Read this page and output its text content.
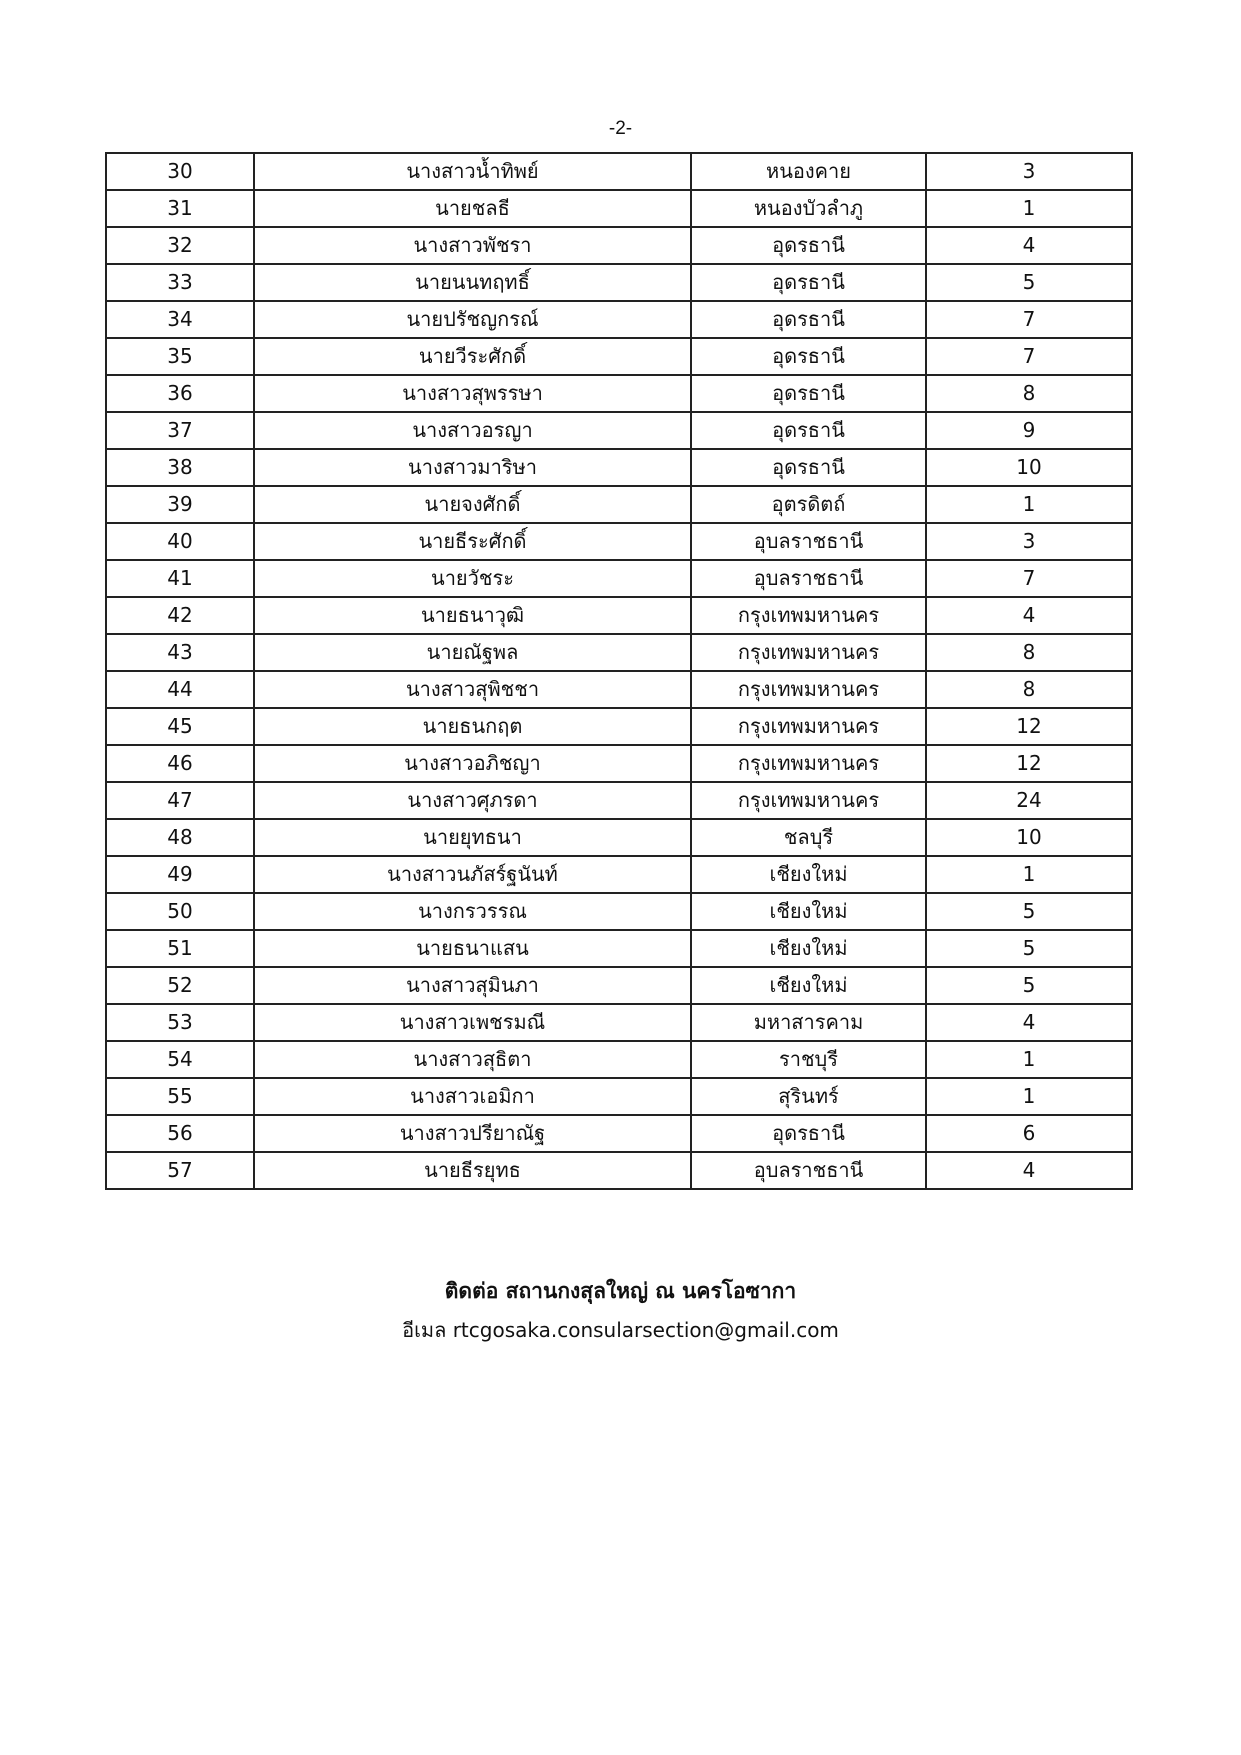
-2-
30	นางสาวน้ำทิพย์	หนองคาย	3
31	นายชลธี	หนองบัวลำภู	1
32	นางสาวพัชรา	อุดรธานี	4
33	นายนนทฤทธิ์	อุดรธานี	5
34	นายปรัชญกรณ์	อุดรธานี	7
35	นายวีระศักดิ์	อุดรธานี	7
36	นางสาวสุพรรษา	อุดรธานี	8
37	นางสาวอรญา	อุดรธานี	9
38	นางสาวมาริษา	อุดรธานี	10
39	นายจงศักดิ์	อุตรดิตถ์	1
40	นายธีระศักดิ์	อุบลราชธานี	3
41	นายวัชระ	อุบลราชธานี	7
42	นายธนาวุฒิ	กรุงเทพมหานคร	4
43	นายณัฐพล	กรุงเทพมหานคร	8
44	นางสาวสุพิชชา	กรุงเทพมหานคร	8
45	นายธนกฤต	กรุงเทพมหานคร	12
46	นางสาวอภิชญา	กรุงเทพมหานคร	12
47	นางสาวศุภรดา	กรุงเทพมหานคร	24
48	นายยุทธนา	ชลบุรี	10
49	นางสาวนภัสร์ฐนันท์	เชียงใหม่	1
50	นางกรวรรณ	เชียงใหม่	5
51	นายธนาแสน	เชียงใหม่	5
52	นางสาวสุมินภา	เชียงใหม่	5
53	นางสาวเพชรมณี	มหาสารคาม	4
54	นางสาวสุธิตา	ราชบุรี	1
55	นางสาวเอมิกา	สุรินทร์	1
56	นางสาวปรียาณัฐ	อุดรธานี	6
57	นายธีรยุทธ	อุบลราชธานี	4
ติดต่อ สถานกงสุลใหญ่ ณ นครโอซากา
อีเมล rtcgosaka.consularsection@gmail.com
